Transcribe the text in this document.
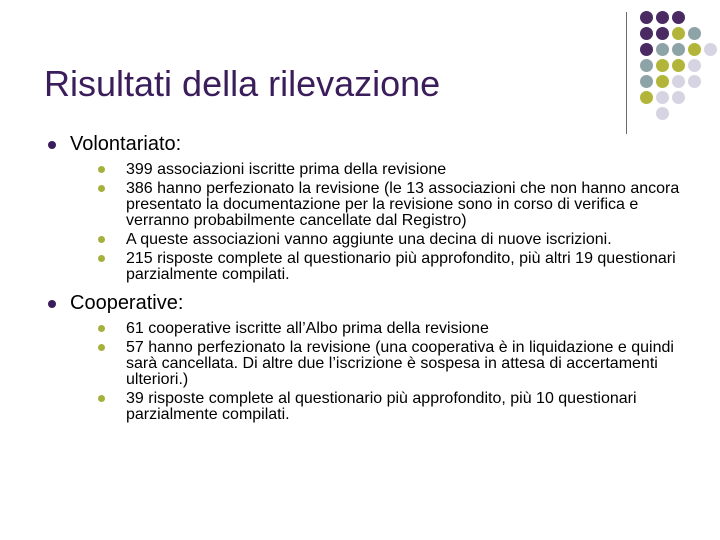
Risultati della rilevazione
Volontariato:
399 associazioni iscritte prima della revisione
386 hanno perfezionato la revisione (le 13 associazioni che non hanno ancora presentato la documentazione per la revisione sono in corso di verifica e verranno probabilmente cancellate dal Registro)
A queste associazioni vanno aggiunte una decina di nuove iscrizioni.
215 risposte complete al questionario più approfondito, più altri 19 questionari parzialmente compilati.
Cooperative:
61 cooperative iscritte all’Albo prima della revisione
57 hanno perfezionato la revisione (una cooperativa è in liquidazione e quindi sarà cancellata. Di altre due l’iscrizione è sospesa in attesa di accertamenti ulteriori.)
39 risposte complete al questionario più approfondito, più 10 questionari parzialmente compilati.
